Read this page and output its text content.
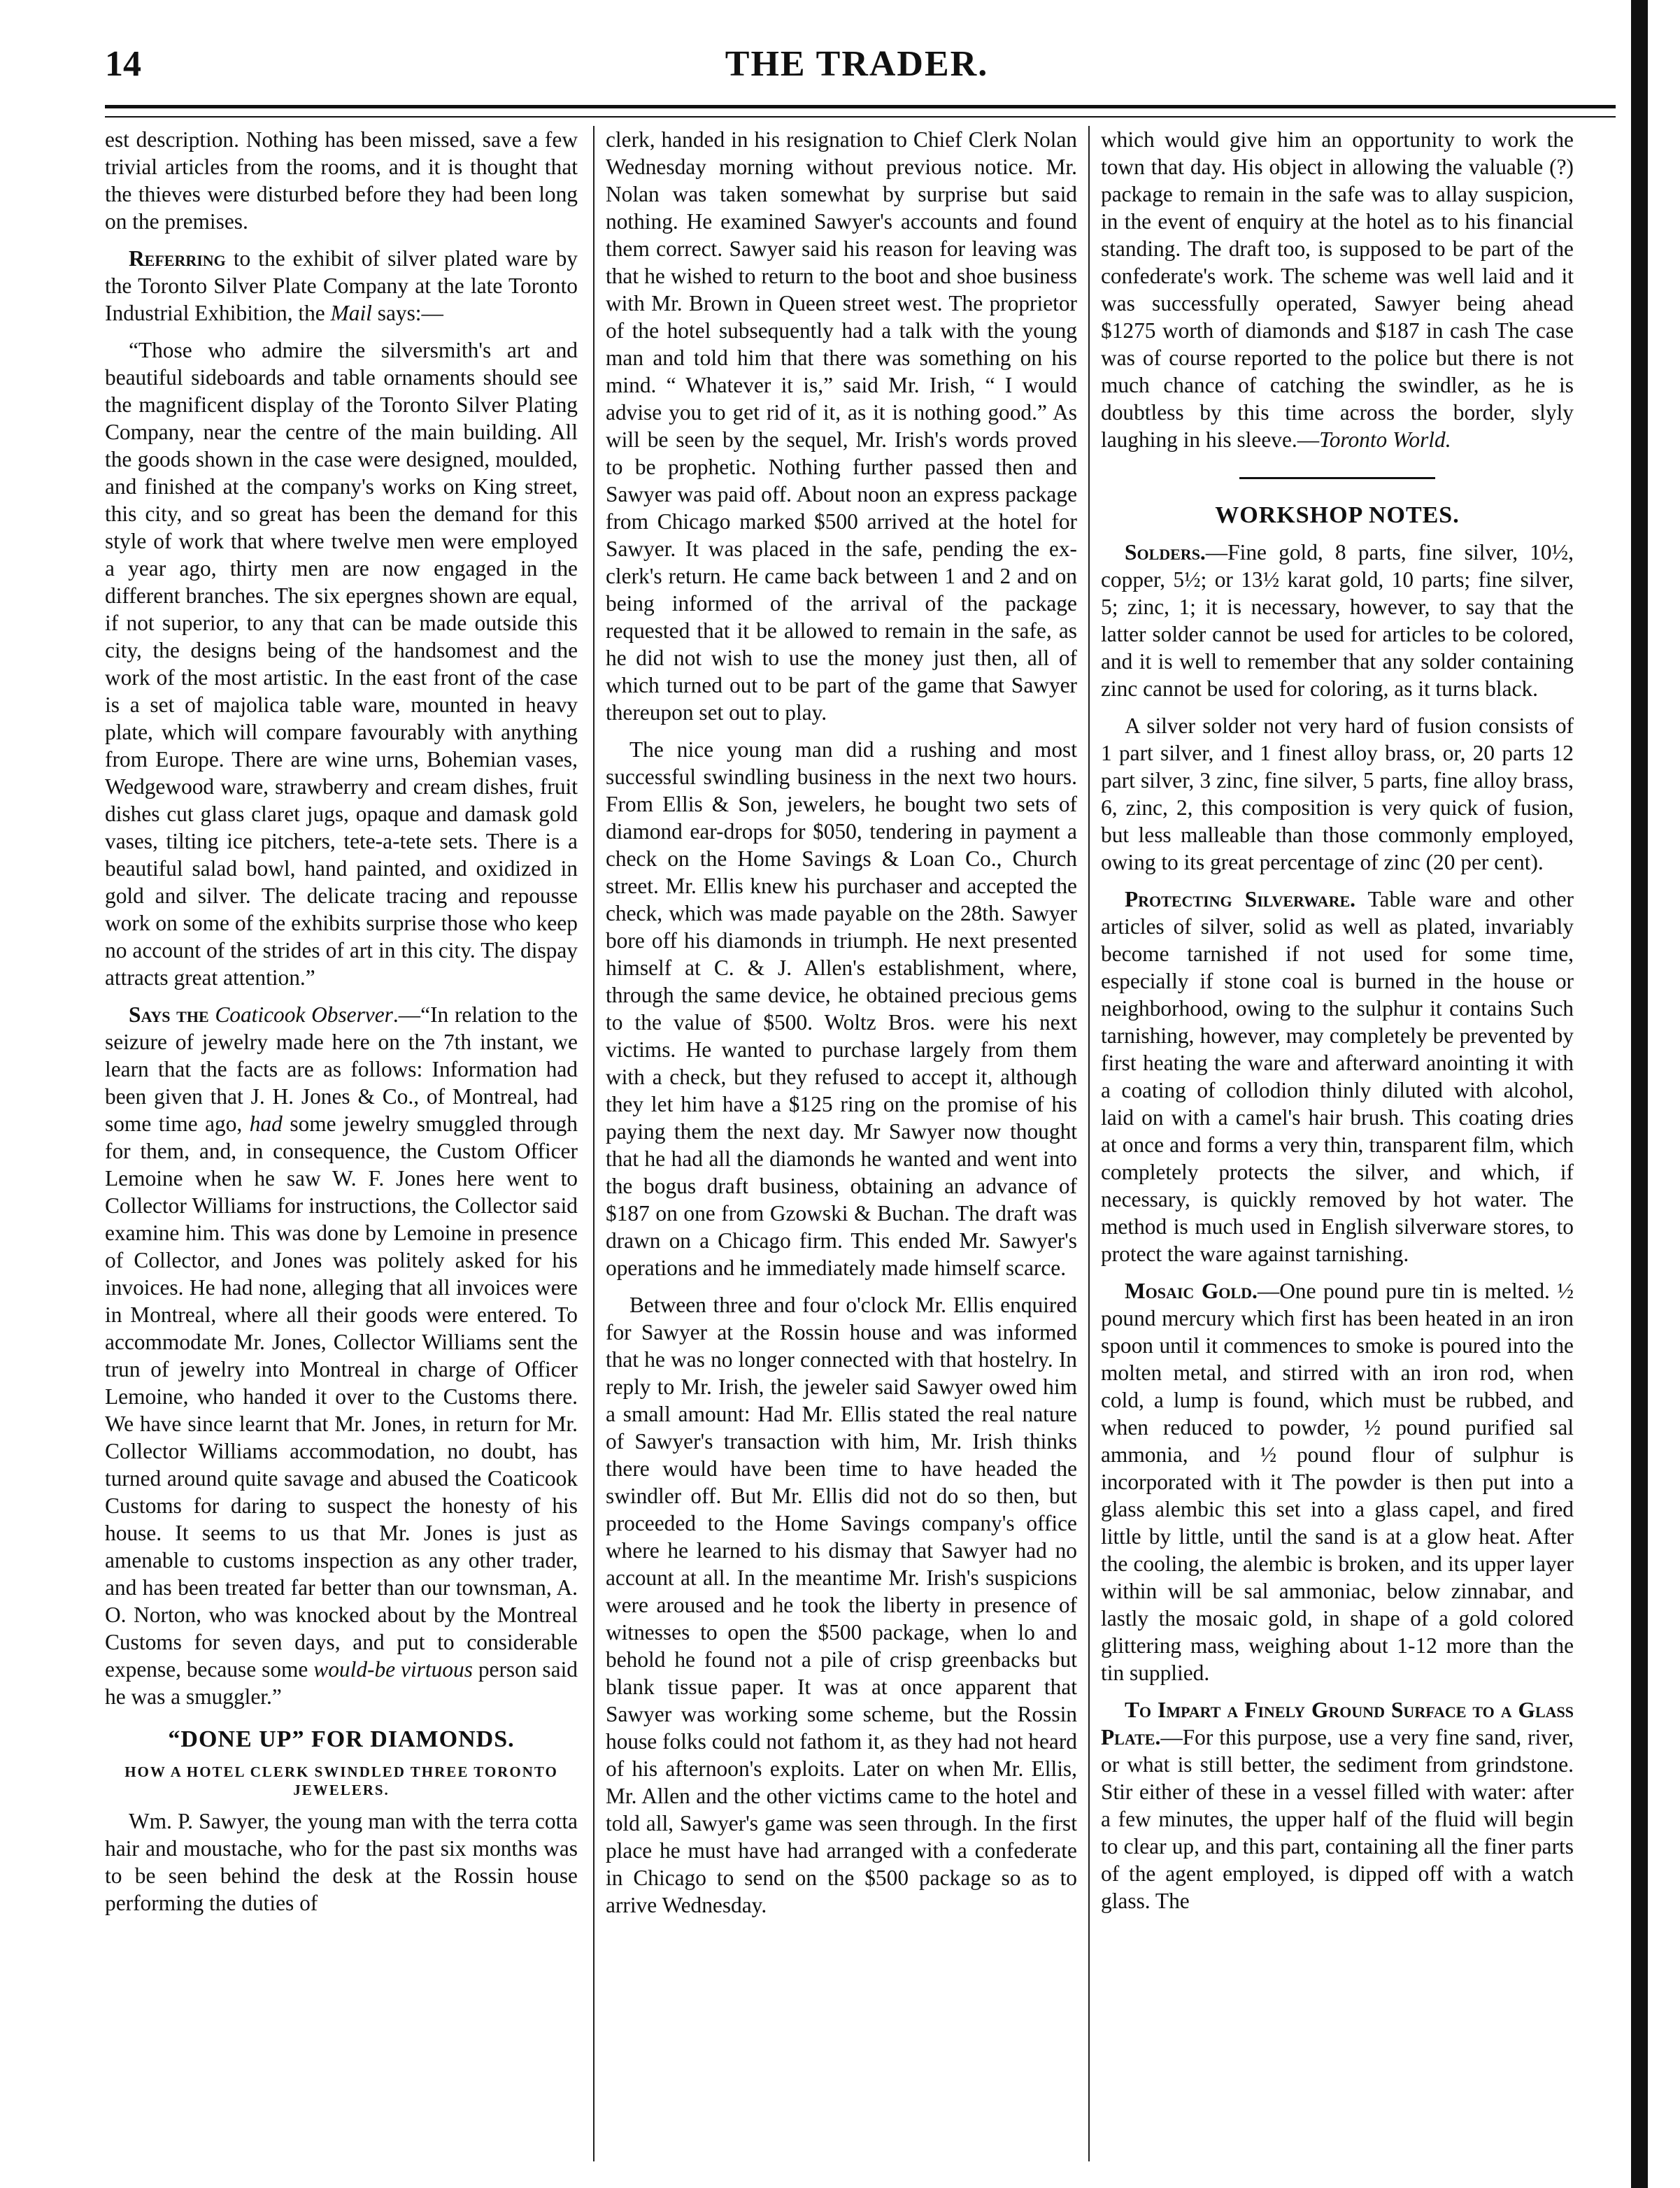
14	THE TRADER.

est description. Nothing has been missed, save a few trivial articles from the rooms, and it is thought that the thieves were disturbed before they had been long on the premises.

Referring to the exhibit of silver plated ware by the Toronto Silver Plate Company at the late Toronto Industrial Exhibition, the Mail says:—

“Those who admire the silversmith's art and beautiful sideboards and table ornaments should see the magnificent display of the Toronto Silver Plating Company, near the centre of the main building. All the goods shown in the case were designed, moulded, and finished at the company's works on King street, this city, and so great has been the demand for this style of work that where twelve men were employed a year ago, thirty men are now engaged in the different branches. The six epergnes shown are equal, if not superior, to any that can be made outside this city, the designs being of the handsomest and the work of the most artistic. In the east front of the case is a set of majolica table ware, mounted in heavy plate, which will compare favourably with anything from Europe. There are wine urns, Bohemian vases, Wedgewood ware, strawberry and cream dishes, fruit dishes cut glass claret jugs, opaque and damask gold vases, tilting ice pitchers, tete-a-tete sets. There is a beautiful salad bowl, hand painted, and oxidized in gold and silver. The delicate tracing and repousse work on some of the exhibits surprise those who keep no account of the strides of art in this city. The dispay attracts great attention.”

Says the Coaticook Observer.—“In relation to the seizure of jewelry made here on the 7th instant, we learn that the facts are as follows: Information had been given that J. H. Jones & Co., of Montreal, had some time ago, had some jewelry smuggled through for them, and, in consequence, the Custom Officer Lemoine when he saw W. F. Jones here went to Collector Williams for instructions, the Collector said examine him. This was done by Lemoine in presence of Collector, and Jones was politely asked for his invoices. He had none, alleging that all invoices were in Montreal, where all their goods were entered. To accommodate Mr. Jones, Collector Williams sent the trun of jewelry into Montreal in charge of Officer Lemoine, who handed it over to the Customs there. We have since learnt that Mr. Jones, in return for Mr. Collector Williams accommodation, no doubt, has turned around quite savage and abused the Coaticook Customs for daring to suspect the honesty of his house. It seems to us that Mr. Jones is just as amenable to customs inspection as any other trader, and has been treated far better than our townsman, A. O. Norton, who was knocked about by the Montreal Customs for seven days, and put to considerable expense, because some would-be virtuous person said he was a smuggler.”

“DONE UP” FOR DIAMONDS.
HOW A HOTEL CLERK SWINDLED THREE TORONTO JEWELERS.

Wm. P. Sawyer, the young man with the terra cotta hair and moustache, who for the past six months was to be seen behind the desk at the Rossin house performing the duties of

clerk, handed in his resignation to Chief Clerk Nolan Wednesday morning without previous notice. Mr. Nolan was taken somewhat by surprise but said nothing. He examined Sawyer's accounts and found them correct. Sawyer said his reason for leaving was that he wished to return to the boot and shoe business with Mr. Brown in Queen street west. The proprietor of the hotel subsequently had a talk with the young man and told him that there was something on his mind. “ Whatever it is,” said Mr. Irish, “ I would advise you to get rid of it, as it is nothing good.” As will be seen by the sequel, Mr. Irish's words proved to be prophetic. Nothing further passed then and Sawyer was paid off. About noon an express package from Chicago marked $500 arrived at the hotel for Sawyer. It was placed in the safe, pending the ex-clerk's return. He came back between 1 and 2 and on being informed of the arrival of the package requested that it be allowed to remain in the safe, as he did not wish to use the money just then, all of which turned out to be part of the game that Sawyer thereupon set out to play.

The nice young man did a rushing and most successful swindling business in the next two hours. From Ellis & Son, jewelers, he bought two sets of diamond ear-drops for $050, tendering in payment a check on the Home Savings & Loan Co., Church street. Mr. Ellis knew his purchaser and accepted the check, which was made payable on the 28th. Sawyer bore off his diamonds in triumph. He next presented himself at C. & J. Allen's establishment, where, through the same device, he obtained precious gems to the value of $500. Woltz Bros. were his next victims. He wanted to purchase largely from them with a check, but they refused to accept it, although they let him have a $125 ring on the promise of his paying them the next day. Mr Sawyer now thought that he had all the diamonds he wanted and went into the bogus draft business, obtaining an advance of $187 on one from Gzowski & Buchan. The draft was drawn on a Chicago firm. This ended Mr. Sawyer's operations and he immediately made himself scarce.

Between three and four o'clock Mr. Ellis enquired for Sawyer at the Rossin house and was informed that he was no longer connected with that hostelry. In reply to Mr. Irish, the jeweler said Sawyer owed him a small amount: Had Mr. Ellis stated the real nature of Sawyer's transaction with him, Mr. Irish thinks there would have been time to have headed the swindler off. But Mr. Ellis did not do so then, but proceeded to the Home Savings company's office where he learned to his dismay that Sawyer had no account at all. In the meantime Mr. Irish's suspicions were aroused and he took the liberty in presence of witnesses to open the $500 package, when lo and behold he found not a pile of crisp greenbacks but blank tissue paper. It was at once apparent that Sawyer was working some scheme, but the Rossin house folks could not fathom it, as they had not heard of his afternoon's exploits. Later on when Mr. Ellis, Mr. Allen and the other victims came to the hotel and told all, Sawyer's game was seen through. In the first place he must have had arranged with a confederate in Chicago to send on the $500 package so as to arrive Wednesday.

which would give him an opportunity to work the town that day. His object in allowing the valuable (?) package to remain in the safe was to allay suspicion, in the event of enquiry at the hotel as to his financial standing. The draft too, is supposed to be part of the confederate's work. The scheme was well laid and it was successfully operated, Sawyer being ahead $1275 worth of diamonds and $187 in cash The case was of course reported to the police but there is not much chance of catching the swindler, as he is doubtless by this time across the border, slyly laughing in his sleeve.—Toronto World.

WORKSHOP NOTES.

Solders.—Fine gold, 8 parts, fine silver, 10½, copper, 5½; or 13½ karat gold, 10 parts; fine silver, 5; zinc, 1; it is necessary, however, to say that the latter solder cannot be used for articles to be colored, and it is well to remember that any solder containing zinc cannot be used for coloring, as it turns black.

A silver solder not very hard of fusion consists of 1 part silver, and 1 finest alloy brass, or, 20 parts 12 part silver, 3 zinc, fine silver, 5 parts, fine alloy brass, 6, zinc, 2, this composition is very quick of fusion, but less malleable than those commonly employed, owing to its great percentage of zinc (20 per cent).

Protecting Silverware. Table ware and other articles of silver, solid as well as plated, invariably become tarnished if not used for some time, especially if stone coal is burned in the house or neighborhood, owing to the sulphur it contains Such tarnishing, however, may completely be prevented by first heating the ware and afterward anointing it with a coating of collodion thinly diluted with alcohol, laid on with a camel's hair brush. This coating dries at once and forms a very thin, transparent film, which completely protects the silver, and which, if necessary, is quickly removed by hot water. The method is much used in English silverware stores, to protect the ware against tarnishing.

Mosaic Gold.—One pound pure tin is melted. ½ pound mercury which first has been heated in an iron spoon until it commences to smoke is poured into the molten metal, and stirred with an iron rod, when cold, a lump is found, which must be rubbed, and when reduced to powder, ½ pound purified sal ammonia, and ½ pound flour of sulphur is incorporated with it The powder is then put into a glass alembic this set into a glass capel, and fired little by little, until the sand is at a glow heat. After the cooling, the alembic is broken, and its upper layer within will be sal ammoniac, below zinnabar, and lastly the mosaic gold, in shape of a gold colored glittering mass, weighing about 1-12 more than the tin supplied.

To Impart a Finely Ground Surface to a Glass Plate.—For this purpose, use a very fine sand, river, or what is still better, the sediment from grindstone. Stir either of these in a vessel filled with water: after a few minutes, the upper half of the fluid will begin to clear up, and this part, containing all the finer parts of the agent employed, is dipped off with a watch glass. The
